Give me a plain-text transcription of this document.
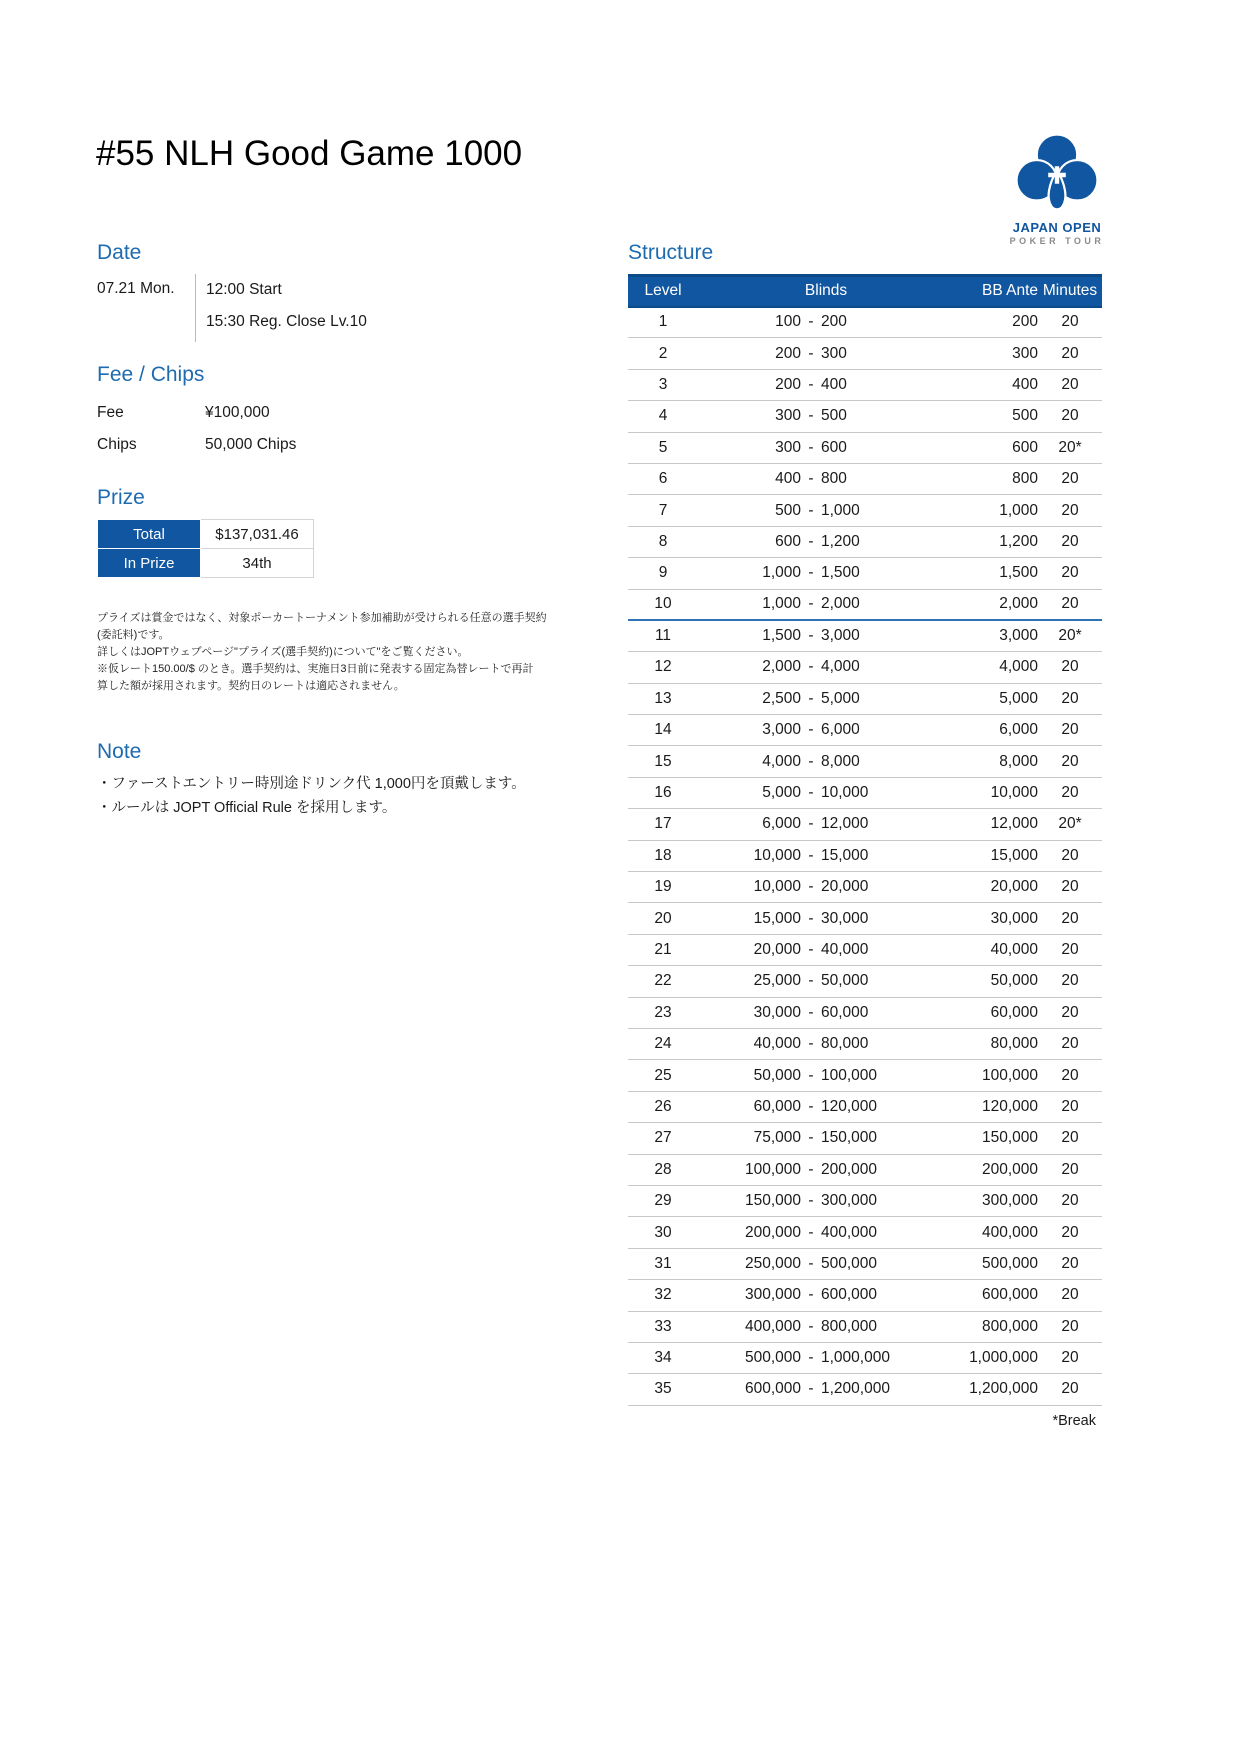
#55 NLH Good Game 1000
JAPAN OPEN
POKER TOUR
Date
07.21 Mon.	12:00 Start
15:30 Reg. Close Lv.10
Fee / Chips
Fee	¥100,000
Chips	50,000 Chips
Prize
Total	$137,031.46
In Prize	34th
プライズは賞金ではなく、対象ポーカートーナメント参加補助が受けられる任意の選手契約
(委託料)です。
詳しくはJOPTウェブページ"プライズ(選手契約)について"をご覧ください。
※仮レート150.00/$ のとき。選手契約は、実施日3日前に発表する固定為替レートで再計
算した額が採用されます。契約日のレートは適応されません。
Note
・ファーストエントリー時別途ドリンク代 1,000円を頂戴します。
・ルールは JOPT Official Rule を採用します。
Structure
Level	Blinds			BB Ante	Minutes
1	100	-	200	200	20
2	200	-	300	300	20
3	200	-	400	400	20
4	300	-	500	500	20
5	300	-	600	600	20*
6	400	-	800	800	20
7	500	-	1,000	1,000	20
8	600	-	1,200	1,200	20
9	1,000	-	1,500	1,500	20
10	1,000	-	2,000	2,000	20
11	1,500	-	3,000	3,000	20*
12	2,000	-	4,000	4,000	20
13	2,500	-	5,000	5,000	20
14	3,000	-	6,000	6,000	20
15	4,000	-	8,000	8,000	20
16	5,000	-	10,000	10,000	20
17	6,000	-	12,000	12,000	20*
18	10,000	-	15,000	15,000	20
19	10,000	-	20,000	20,000	20
20	15,000	-	30,000	30,000	20
21	20,000	-	40,000	40,000	20
22	25,000	-	50,000	50,000	20
23	30,000	-	60,000	60,000	20
24	40,000	-	80,000	80,000	20
25	50,000	-	100,000	100,000	20
26	60,000	-	120,000	120,000	20
27	75,000	-	150,000	150,000	20
28	100,000	-	200,000	200,000	20
29	150,000	-	300,000	300,000	20
30	200,000	-	400,000	400,000	20
31	250,000	-	500,000	500,000	20
32	300,000	-	600,000	600,000	20
33	400,000	-	800,000	800,000	20
34	500,000	-	1,000,000	1,000,000	20
35	600,000	-	1,200,000	1,200,000	20
*Break
